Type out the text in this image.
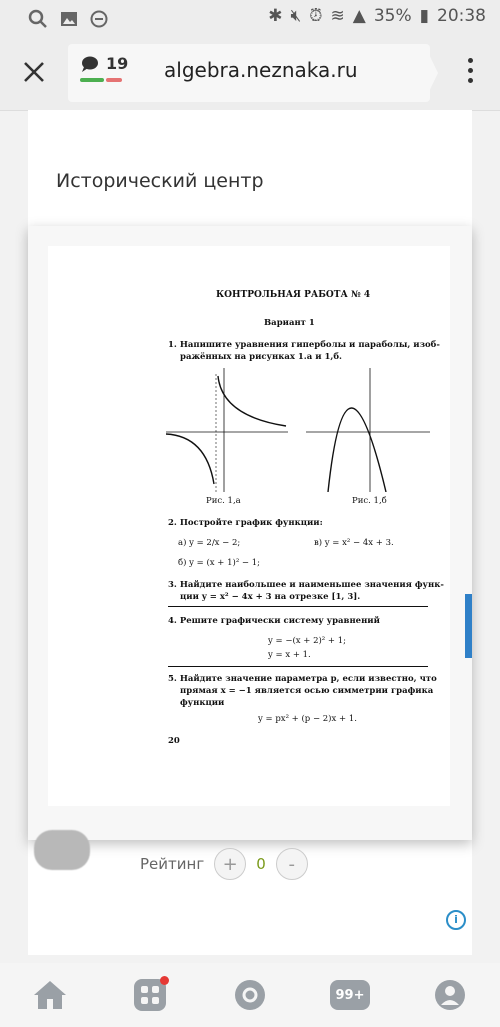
✱ 🔇︎ ⏰︎ ≋ ▲ 35% ▮ 20:38
19 algebra.neznaka.ru
Исторический центр
КОНТРОЛЬНАЯ РАБОТА № 4
Вариант 1
1. Напишите уравнения гиперболы и параболы, изоб-
ражённых на рисунках 1.а и 1,б.
Рис. 1,а	Рис. 1,б
2. Постройте график функции:
а) y = 2/x − 2;	в) y = x² − 4x + 3.
б) y = (x + 1)² − 1;
3. Найдите наибольшее и наименьшее значения функ-
ции y = x² − 4x + 3 на отрезке [1, 3].
4. Решите графически систему уравнений
y = −(x + 2)² + 1;
y = x + 1.
5. Найдите значение параметра p, если известно, что
прямая x = −1 является осью симметрии графика
функции
y = px² + (p − 2)x + 1.
20
Рейтинг	+	0	-
i
99+
